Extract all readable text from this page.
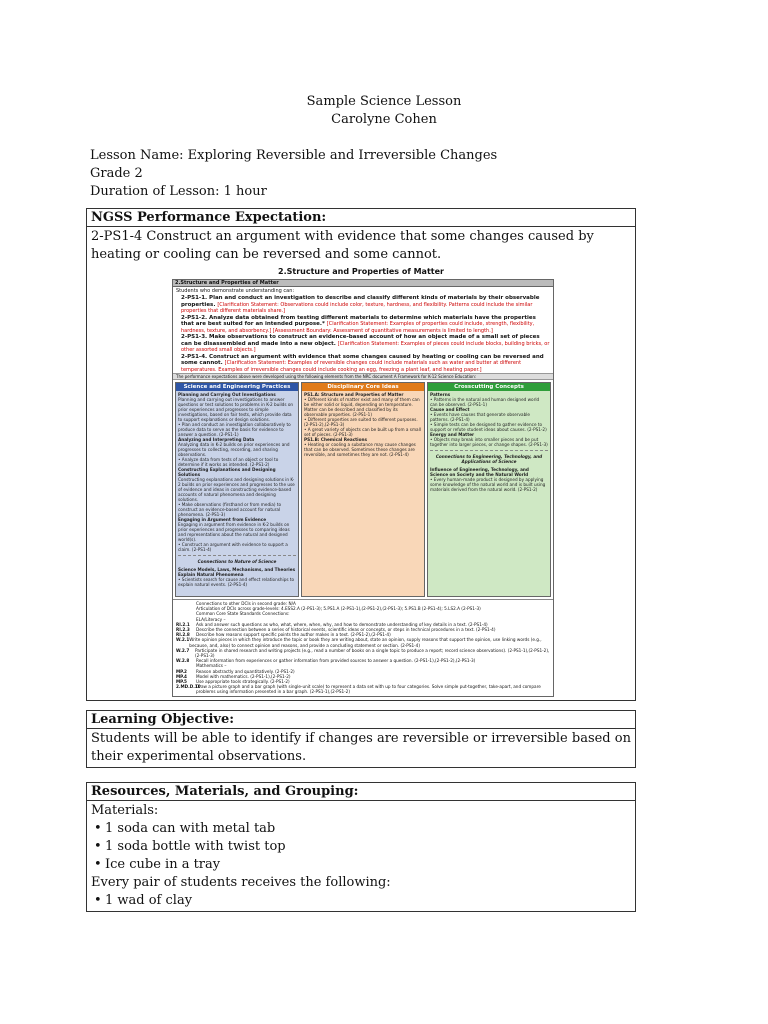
Sample Science Lesson
Carolyne Cohen
Lesson Name: Exploring Reversible and Irreversible Changes
Grade 2
Duration of Lesson: 1 hour
NGSS Performance Expectation:
2-PS1-4 Construct an argument with evidence that some changes caused by heating or cooling can be reversed and some cannot.
2.Structure and Properties of Matter
2.Structure and Properties of Matter
Students who demonstrate understanding can:
2-PS1-1. Plan and conduct an investigation to describe and classify different kinds of materials by their observable properties. [Clarification Statement: Observations could include color, texture, hardness, and flexibility. Patterns could include the similar properties that different materials share.]
2-PS1-2. Analyze data obtained from testing different materials to determine which materials have the properties that are best suited for an intended purpose.* [Clarification Statement: Examples of properties could include, strength, flexibility, hardness, texture, and absorbency.] [Assessment Boundary: Assessment of quantitative measurements is limited to length.]
2-PS1-3. Make observations to construct an evidence-based account of how an object made of a small set of pieces can be disassembled and made into a new object. [Clarification Statement: Examples of pieces could include blocks, building bricks, or other assorted small objects.]
2-PS1-4. Construct an argument with evidence that some changes caused by heating or cooling can be reversed and some cannot. [Clarification Statement: Examples of reversible changes could include materials such as water and butter at different temperatures. Examples of irreversible changes could include cooking an egg, freezing a plant leaf, and heating paper.]
The performance expectations above were developed using the following elements from the NRC document A Framework for K-12 Science Education:
Science and Engineering Practices
Planning and Carrying Out Investigations
Planning and carrying out investigations to answer questions or test solutions to problems in K-2 builds on prior experiences and progresses to simple investigations, based on fair tests, which provide data to support explanations or design solutions.
• Plan and conduct an investigation collaboratively to produce data to serve as the basis for evidence to answer a question. (2-PS1-1)
Analyzing and Interpreting Data
Analyzing data in K-2 builds on prior experiences and progresses to collecting, recording, and sharing observations.
• Analyze data from tests of an object or tool to determine if it works as intended. (2-PS1-2)
Constructing Explanations and Designing Solutions
Constructing explanations and designing solutions in K-2 builds on prior experiences and progresses to the use of evidence and ideas in constructing evidence-based accounts of natural phenomena and designing solutions.
• Make observations (firsthand or from media) to construct an evidence-based account for natural phenomena. (2-PS1-3)
Engaging in Argument from Evidence
Engaging in argument from evidence in K-2 builds on prior experiences and progresses to comparing ideas and representations about the natural and designed world(s).
• Construct an argument with evidence to support a claim. (2-PS1-4)
Connections to Nature of Science
Science Models, Laws, Mechanisms, and Theories Explain Natural Phenomena
• Scientists search for cause and effect relationships to explain natural events. (2-PS1-4)
Disciplinary Core Ideas
PS1.A: Structure and Properties of Matter
• Different kinds of matter exist and many of them can be either solid or liquid, depending on temperature. Matter can be described and classified by its observable properties. (2-PS1-1)
• Different properties are suited to different purposes. (2-PS1-2),(2-PS1-3)
• A great variety of objects can be built up from a small set of pieces. (2-PS1-3)
PS1.B: Chemical Reactions
• Heating or cooling a substance may cause changes that can be observed. Sometimes these changes are reversible, and sometimes they are not. (2-PS1-4)
Crosscutting Concepts
Patterns
• Patterns in the natural and human designed world can be observed. (2-PS1-1)
Cause and Effect
• Events have causes that generate observable patterns. (2-PS1-4)
• Simple tests can be designed to gather evidence to support or refute student ideas about causes. (2-PS1-2)
Energy and Matter
• Objects may break into smaller pieces and be put together into larger pieces, or change shapes. (2-PS1-3)
Connections to Engineering, Technology, and Applications of Science
Influence of Engineering, Technology, and Science on Society and the Natural World
• Every human-made product is designed by applying some knowledge of the natural world and is built using materials derived from the natural world. (2-PS1-2)
Connections to other DCIs in second grade: N/A
Articulation of DCIs across grade-levels: 4.ESS2.A (2-PS1-3); 5.PS1.A (2-PS1-1),(2-PS1-2),(2-PS1-3); 5.PS1.B (2-PS1-4); 5.LS2.A (2-PS1-3)
Common Core State Standards Connections:
ELA/Literacy –
RI.2.1	Ask and answer such questions as who, what, where, when, why, and how to demonstrate understanding of key details in a text. (2-PS1-4)
RI.2.3	Describe the connection between a series of historical events, scientific ideas or concepts, or steps in technical procedures in a text. (2-PS1-4)
RI.2.8	Describe how reasons support specific points the author makes in a text. (2-PS1-2),(2-PS1-4)
W.2.1 Write opinion pieces in which they introduce the topic or book they are writing about, state an opinion, supply reasons that support the opinion, use linking words (e.g., because, and, also) to connect opinion and reasons, and provide a concluding statement or section. (2-PS1-4)
W.2.7	Participate in shared research and writing projects (e.g., read a number of books on a single topic to produce a report; record science observations). (2-PS1-1),(2-PS1-2),(2-PS1-3)
W.2.8	Recall information from experiences or gather information from provided sources to answer a question. (2-PS1-1),(2-PS1-2),(2-PS1-3)
Mathematics –
MP.2	Reason abstractly and quantitatively. (2-PS1-2)
MP.4	Model with mathematics. (2-PS1-1),(2-PS1-2)
MP.5	Use appropriate tools strategically. (2-PS1-2)
2.MD.D.10
Draw a picture graph and a bar graph (with single-unit scale) to represent a data set with up to four categories. Solve simple put-together, take-apart, and compare problems using information presented in a bar graph. (2-PS1-1),(2-PS1-2)
Learning Objective:
Students will be able to identify if changes are reversible or irreversible based on their experimental observations.
Resources, Materials, and Grouping:
Materials:
• 1 soda can with metal tab
• 1 soda bottle with twist top
• Ice cube in a tray
Every pair of students receives the following:
• 1 wad of clay
